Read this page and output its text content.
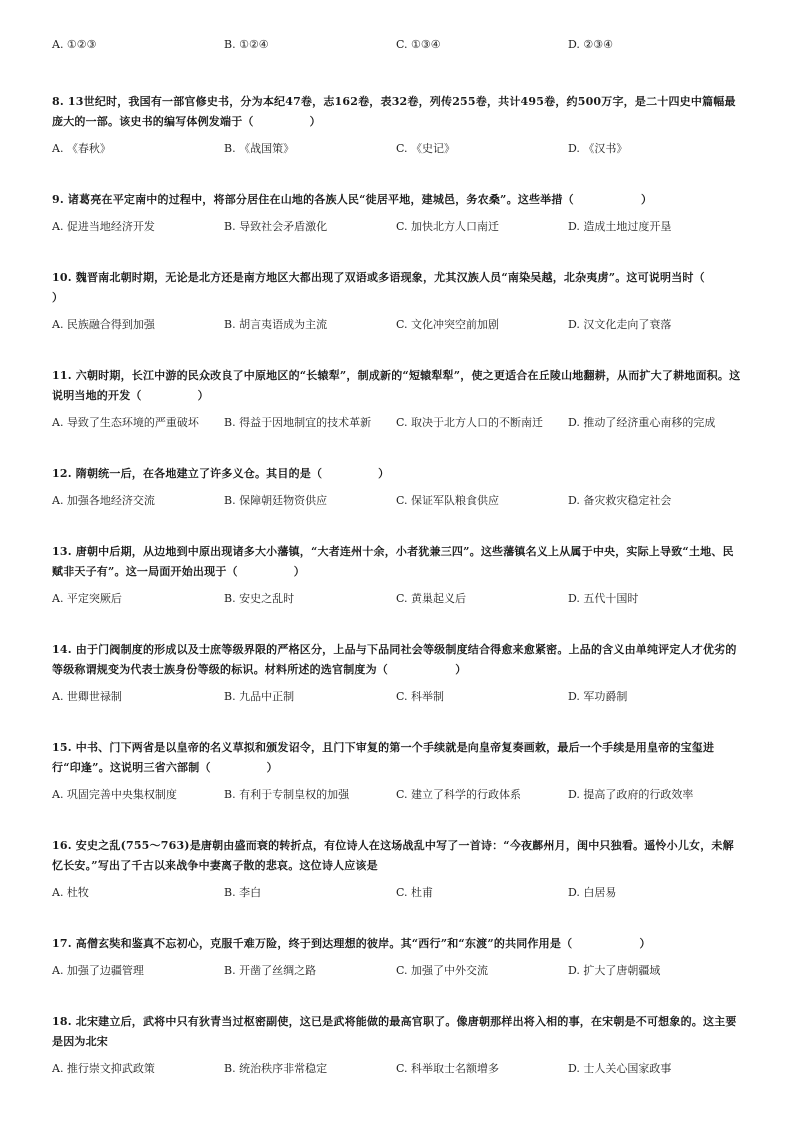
A. ①②③	B. ①②④	C. ①③④	D. ②③④

8. 13世纪时，我国有一部官修史书，分为本纪47卷，志162卷，表32卷，列传255卷，共计495卷，约500万字，是二十四史中篇幅最庞大的一部。该史书的编写体例发端于（　　　　　）

A. 《春秋》	B. 《战国策》	C. 《史记》	D. 《汉书》

9. 诸葛亮在平定南中的过程中，将部分居住在山地的各族人民“徙居平地，建城邑，务农桑”。这些举措（　　　　　　）

A. 促进当地经济开发	B. 导致社会矛盾激化	C. 加快北方人口南迁	D. 造成土地过度开垦

10. 魏晋南北朝时期，无论是北方还是南方地区大都出现了双语或多语现象，尤其汉族人员“南染吴越，北杂夷虏”。这可说明当时（　　　　　　）

A. 民族融合得到加强	B. 胡言夷语成为主流	C. 文化冲突空前加剧	D. 汉文化走向了衰落

11. 六朝时期，长江中游的民众改良了中原地区的“长辕犁”，制成新的“短辕犁犁”，使之更适合在丘陵山地翻耕，从而扩大了耕地面积。这说明当地的开发（　　　　　）

A. 导致了生态环境的严重破坏 B. 得益于因地制宜的技术革新 C. 取决于北方人口的不断南迁 D. 推动了经济重心南移的完成

12. 隋朝统一后，在各地建立了许多义仓。其目的是（　　　　　）

A. 加强各地经济交流	B. 保障朝廷物资供应	C. 保证军队粮食供应	D. 备灾救灾稳定社会

13. 唐朝中后期，从边地到中原出现诸多大小藩镇，“大者连州十余，小者犹兼三四”。这些藩镇名义上从属于中央，实际上导致“土地、民赋非天子有”。这一局面开始出现于（　　　　　）

A. 平定突厥后	B. 安史之乱时	C. 黄巢起义后	D. 五代十国时

14. 由于门阀制度的形成以及士庶等级界限的严格区分，上品与下品同社会等级制度结合得愈来愈紧密。上品的含义由单纯评定人才优劣的等级称谓规变为代表士族身份等级的标识。材料所述的选官制度为（　　　　　　）

A. 世卿世禄制	B. 九品中正制	C. 科举制	D. 军功爵制

15. 中书、门下两省是以皇帝的名义草拟和颁发诏令，且门下审复的第一个手续就是向皇帝复奏画敕，最后一个手续是用皇帝的宝玺进行“印逢”。这说明三省六部制（　　　　　）

A. 巩固完善中央集权制度	B. 有利于专制皇权的加强	C. 建立了科学的行政体系	D. 提高了政府的行政效率

16. 安史之乱(755～763)是唐朝由盛而衰的转折点，有位诗人在这场战乱中写了一首诗：“今夜鄜州月，闺中只独看。遥怜小儿女，未解忆长安。”写出了千古以来战争中妻离子散的悲哀。这位诗人应该是

A. 杜牧	B. 李白	C. 杜甫	D. 白居易

17. 高僧玄奘和鉴真不忘初心，克服千难万险，终于到达理想的彼岸。其“西行”和“东渡”的共同作用是（　　　　　　）

A. 加强了边疆管理	B. 开凿了丝绸之路	C. 加强了中外交流	D. 扩大了唐朝疆域

18. 北宋建立后，武将中只有狄青当过枢密副使，这已是武将能做的最高官职了。像唐朝那样出将入相的事，在宋朝是不可想象的。这主要是因为北宋

A. 推行崇文抑武政策	B. 统治秩序非常稳定	C. 科举取士名额增多	D. 士人关心国家政事
